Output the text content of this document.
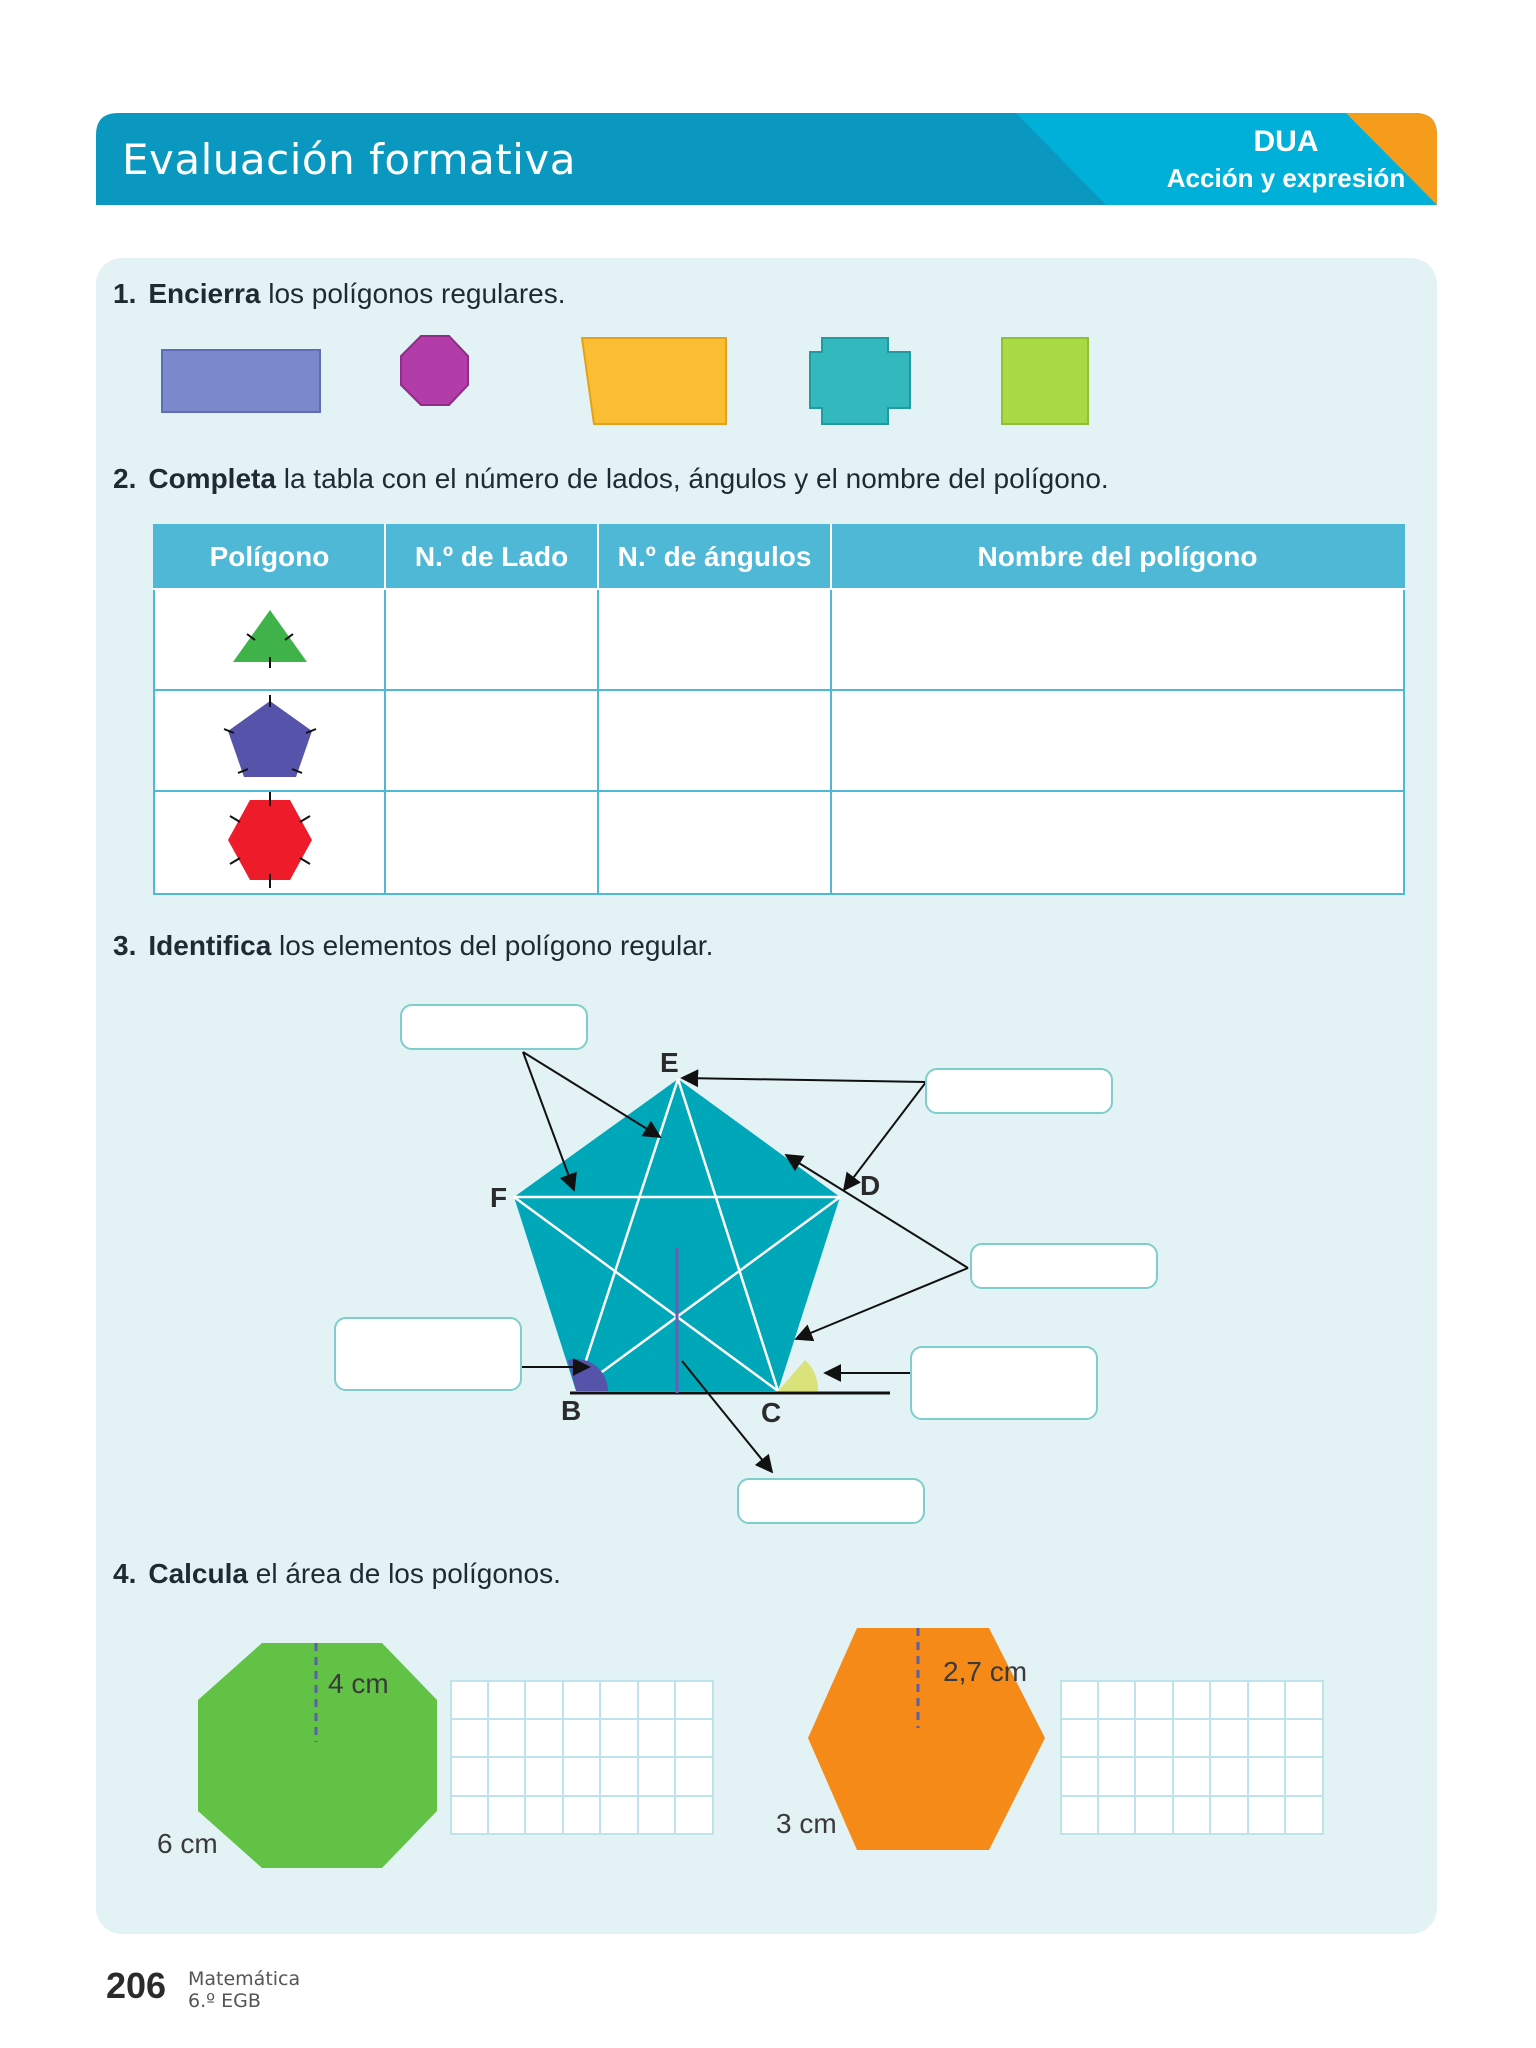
Evaluación formativa	DUA
Acción y expresión
1. Encierra los polígonos regulares.
2. Completa la tabla con el número de lados, ángulos y el nombre del polígono.
Polígono	N.º de Lado	N.º de ángulos	Nombre del polígono

3. Identifica los elementos del polígono regular.
E
F	D
B	C
4. Calcula el área de los polígonos.
4 cm
6 cm
2,7 cm
3 cm
206 Matemática
6.º EGB
